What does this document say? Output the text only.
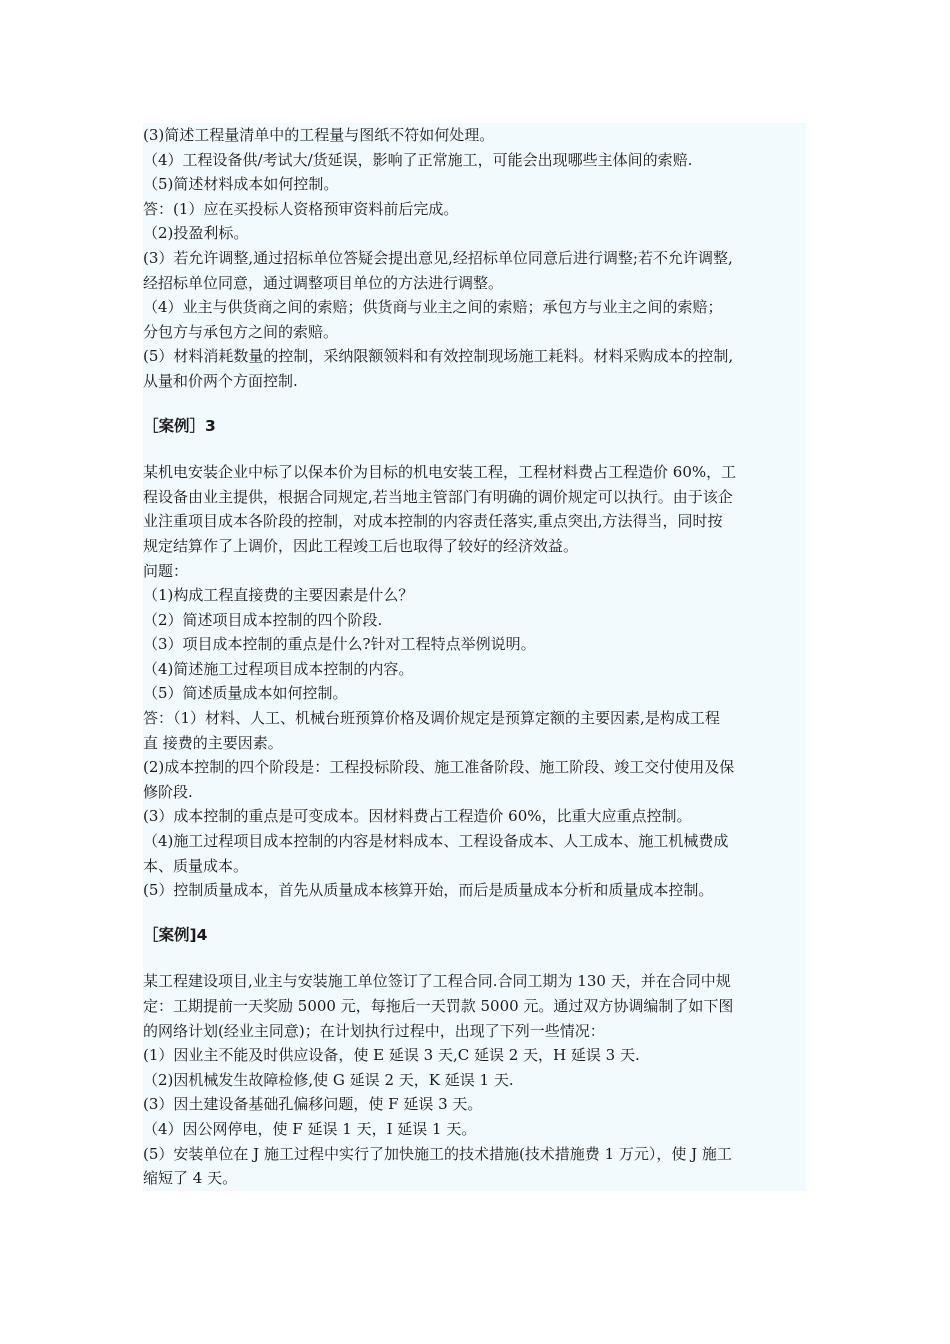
(3)简述工程量清单中的工程量与图纸不符如何处理。
（4）工程设备供/考试大/货延误，影响了正常施工，可能会出现哪些主体间的索赔.
（5)简述材料成本如何控制。
答：(1）应在买投标人资格预审资料前后完成。
（2)投盈利标。
(3）若允许调整,通过招标单位答疑会提出意见,经招标单位同意后进行调整;若不允许调整,
经招标单位同意，通过调整项目单位的方法进行调整。
（4）业主与供货商之间的索赔；供货商与业主之间的索赔；承包方与业主之间的索赔；
分包方与承包方之间的索赔。
(5）材料消耗数量的控制，采纳限额领料和有效控制现场施工耗料。材料采购成本的控制,
从量和价两个方面控制.
［案例］3
某机电安装企业中标了以保本价为目标的机电安装工程，工程材料费占工程造价 60%，工
程设备由业主提供，根据合同规定,若当地主管部门有明确的调价规定可以执行。由于该企
业注重项目成本各阶段的控制，对成本控制的内容责任落实,重点突出,方法得当，同时按
规定结算作了上调价，因此工程竣工后也取得了较好的经济效益。
问题：
（1)构成工程直接费的主要因素是什么？
（2）简述项目成本控制的四个阶段.
（3）项目成本控制的重点是什么?针对工程特点举例说明。
（4)简述施工过程项目成本控制的内容。
（5）简述质量成本如何控制。
答：（1）材料、人工、机械台班预算价格及调价规定是预算定额的主要因素,是构成工程
直 接费的主要因素。
(2)成本控制的四个阶段是：工程投标阶段、施工准备阶段、施工阶段、竣工交付使用及保
修阶段.
(3）成本控制的重点是可变成本。因材料费占工程造价 60%，比重大应重点控制。
（4)施工过程项目成本控制的内容是材料成本、工程设备成本、人工成本、施工机械费成
本、质量成本。
(5）控制质量成本，首先从质量成本核算开始，而后是质量成本分析和质量成本控制。
［案例]4
某工程建设项目,业主与安装施工单位签订了工程合同.合同工期为 130 天，并在合同中规
定：工期提前一天奖励 5000 元，每拖后一天罚款 5000 元。通过双方协调编制了如下图
的网络计划(经业主同意)；在计划执行过程中，出现了下列一些情况：
(1）因业主不能及时供应设备，使 E 延误 3 天,C 延误 2 天，H 延误 3 天.
（2)因机械发生故障检修,使 G 延误 2 天，K 延误 1 天.
(3）因土建设备基础孔偏移问题，使 F 延误 3 天。
（4）因公网停电，使 F 延误 1 天，I 延误 1 天。
(5）安装单位在 J 施工过程中实行了加快施工的技术措施(技术措施费 1 万元），使 J 施工
缩短了 4 天。
